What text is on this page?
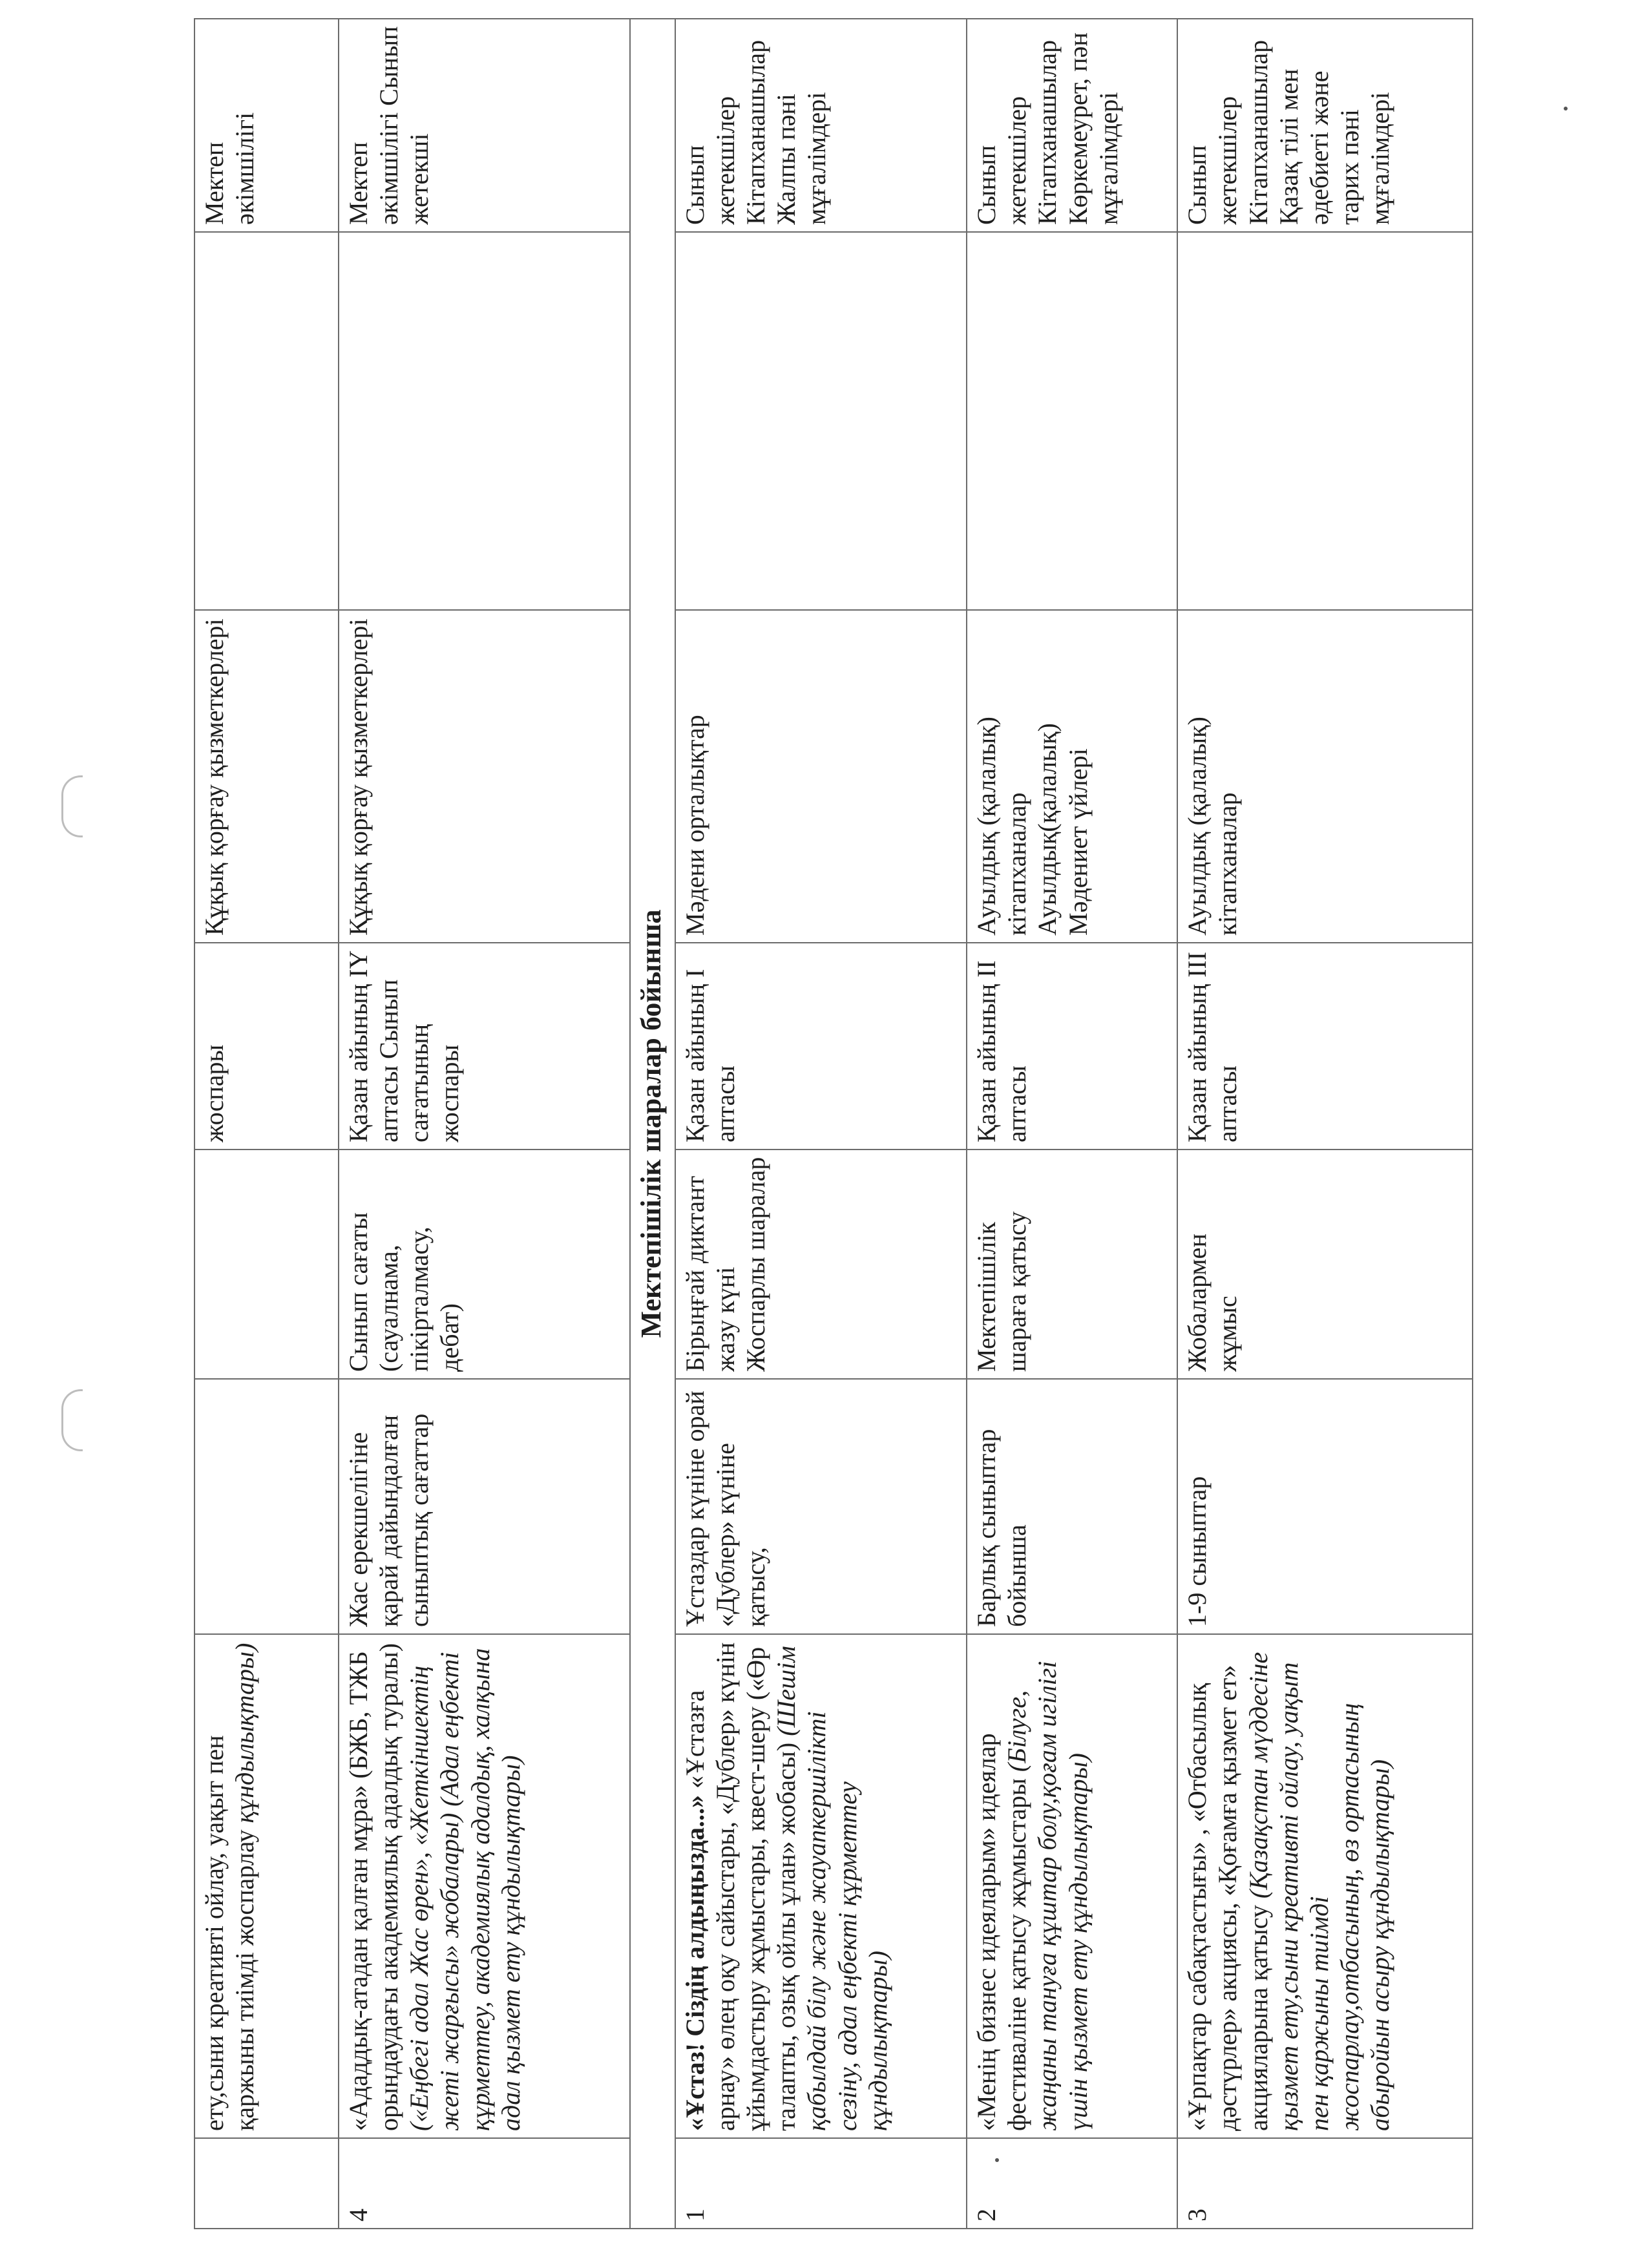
	ету,сыни креативті ойлау, уақыт пен қаржыны тиімді жоспарлау құндылықтары)			жоспары	Құқық қорғау қызметкерлері		Мектеп әкімшілігі
4	«Ададдық-атадан қалған мұра» (БЖБ, ТЖБ орындаудағы академиялық адалдық туралы) («Еңбегі адал Жас өрен», «Жеткіншектің жеті жарғысы» жобалары) (Адал еңбекті құрметтеу, академиялық адалдық, халқына адал қызмет ету құндылықтары)	Жас ерекшелігіне қарай дайындалған сыныптық сағаттар	Сынып сағаты (сауалнама, пікірталмасу, дебат)	Қазан айының IY аптасы Сынып сағатының жоспары	Құқық қорғау қызметкерлері		Мектеп әкімшілігі Сынып жетекші
Мектепішілік шаралар бойынша							
1	«Ұстаз! Сіздің алдыңызда...» «Ұстазға арнау» өлең оқу сайыстары, «Дублер» күнін ұйымдастыру жұмыстары, квест-шеру («Өр талапты, озық ойлы ұлан» жобасы) (Шешім қабылдай білу және жауапкершілікті сезіну, адал еңбекті құрметтеу құндылықтары)	Ұстаздар күніне орай «Дублер» күніне қатысу,	Бірыңғай диктант жазу күні Жоспарлы шаралар	Қазан айының І аптасы	Мәдени орталықтар		Сынып жетекшілер Кітапханашылар Жалпы пәні мұғалімдері
2	«Менің бизнес идеяларым» идеялар фестиваліне қатысу жұмыстары (Білуге, жаңаны тануға құштар болу,қоғам игілігі үшін қызмет ету құндылықтары)	Барлық сыныптар бойынша	Мектепішілік шараға қатысу	Қазан айының ІІ аптасы	Ауылдық (қалалық) кітапханалар Ауылдық(қалалық) Мәдениет үйлері		Сынып жетекшілер Кітапханашылар Көркемеурет, пән мұғалімдері
3	«Ұрпақтар сабақтастығы» , «Отбасылық дәстүрлер» акциясы, «Қоғамға қызмет ет» акцияларына қатысу (Қазақстан мүддесіне қызмет ету,сыни креативті ойлау, уақыт пен қаржыны тиімді жоспарлау,отбасының, өз ортасының абыройын асыру құндылықтары)	1-9 сыныптар	Жобалармен жұмыс	Қазан айының ІІІ аптасы	Ауылдық (қалалық) кітапханалар		Сынып жетекшілер Кітапханашылар Қазақ тілі мен әдебиеті және тарих пәні мұғалімдері
